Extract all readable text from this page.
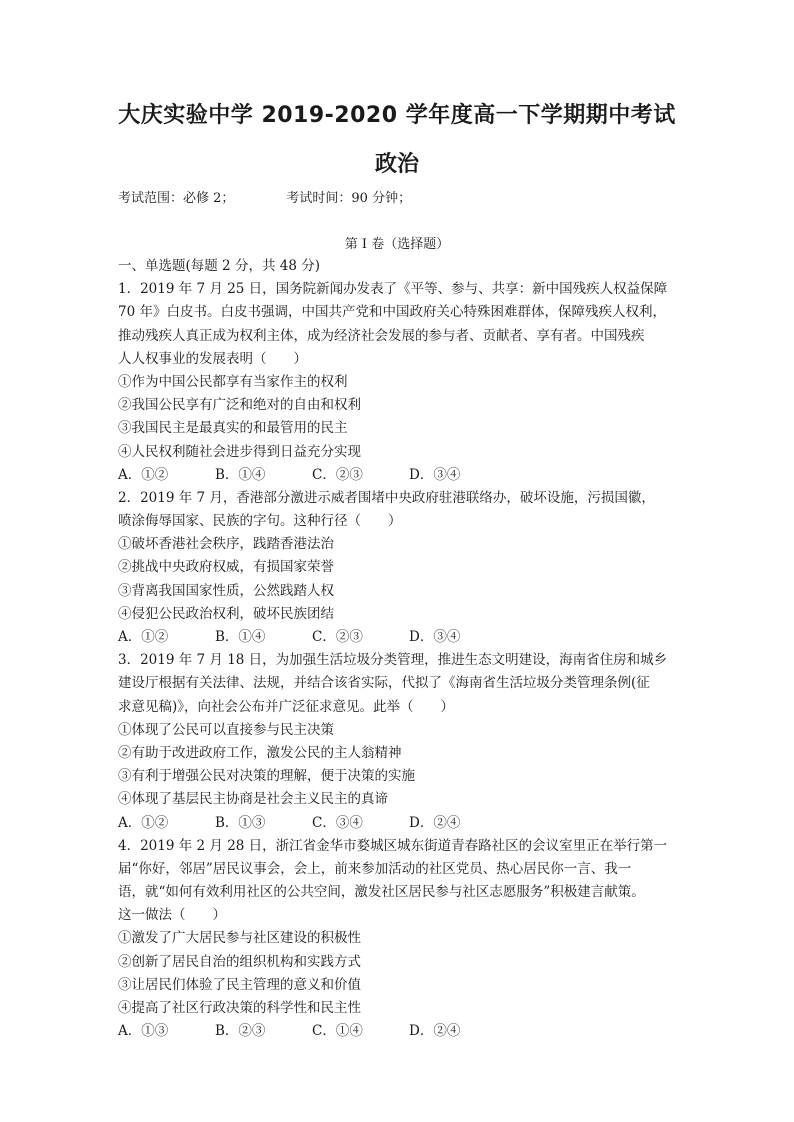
大庆实验中学 2019-2020 学年度高一下学期期中考试
政治
考试范围：必修 2；	考试时间：90 分钟；
第 I 卷（选择题）
一、单选题(每题 2 分，共 48 分)
1．2019 年 7 月 25 日，国务院新闻办发表了《平等、参与、共享：新中国残疾人权益保障
70 年》白皮书。白皮书强调，中国共产党和中国政府关心特殊困难群体，保障残疾人权利，
推动残疾人真正成为权利主体，成为经济社会发展的参与者、贡献者、享有者。中国残疾
人人权事业的发展表明（　　）
①作为中国公民都享有当家作主的权利
②我国公民享有广泛和绝对的自由和权利
③我国民主是最真实的和最管用的民主
④人民权利随社会进步得到日益充分实现
A．①②	B．①④	C．②③	D．③④
2．2019 年 7 月，香港部分激进示威者围堵中央政府驻港联络办，破坏设施，污损国徽，
喷涂侮辱国家、民族的字句。这种行径（　　）
①破坏香港社会秩序，践踏香港法治
②挑战中央政府权威，有损国家荣誉
③背离我国国家性质，公然践踏人权
④侵犯公民政治权利，破坏民族团结
A．①②	B．①④	C．②③	D．③④
3．2019 年 7 月 18 日，为加强生活垃圾分类管理，推进生态文明建设，海南省住房和城乡
建设厅根据有关法律、法规，并结合该省实际，代拟了《海南省生活垃圾分类管理条例(征
求意见稿)》，向社会公布并广泛征求意见。此举（　　）
①体现了公民可以直接参与民主决策
②有助于改进政府工作，激发公民的主人翁精神
③有利于增强公民对决策的理解，便于决策的实施
④体现了基层民主协商是社会主义民主的真谛
A．①②	B．①③	C．③④	D．②④
4．2019 年 2 月 28 日，浙江省金华市婺城区城东街道青春路社区的会议室里正在举行第一
届“你好，邻居”居民议事会，会上，前来参加活动的社区党员、热心居民你一言、我一
语，就“如何有效利用社区的公共空间，激发社区居民参与社区志愿服务”积极建言献策。
这一做法（　　）
①激发了广大居民参与社区建设的积极性
②创新了居民自治的组织机构和实践方式
③让居民们体验了民主管理的意义和价值
④提高了社区行政决策的科学性和民主性
A．①③	B．②③	C．①④	D．②④
